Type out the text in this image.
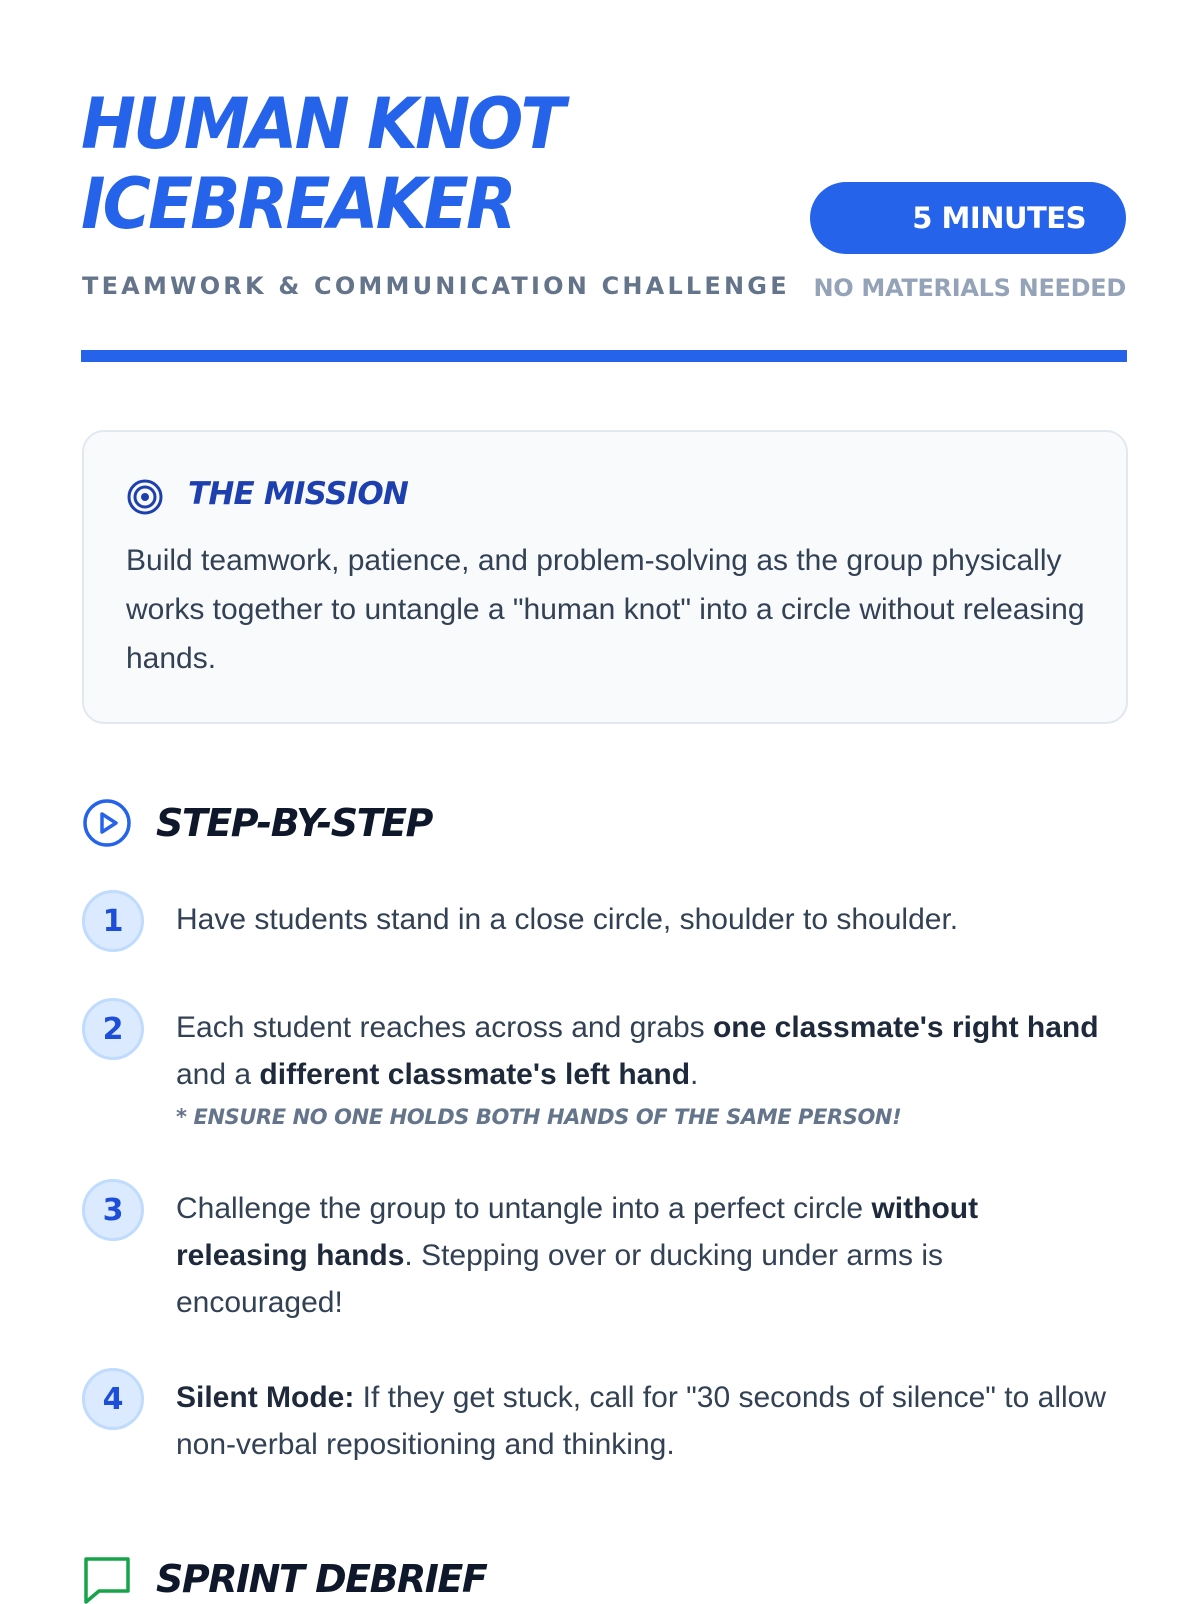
HUMAN KNOT
ICEBREAKER	5 MINUTES
TEAMWORK & COMMUNICATION CHALLENGE NO MATERIALS NEEDED
THE MISSION
Build teamwork, patience, and problem-solving as the group physically works together to untangle a "human knot" into a circle without releasing hands.
STEP-BY-STEP
1	Have students stand in a close circle, shoulder to shoulder.
2	Each student reaches across and grabs one classmate's right hand and a different classmate's left hand.
* ENSURE NO ONE HOLDS BOTH HANDS OF THE SAME PERSON!
3	Challenge the group to untangle into a perfect circle without releasing hands. Stepping over or ducking under arms is encouraged!
4	Silent Mode: If they get stuck, call for "30 seconds of silence" to allow non-verbal repositioning and thinking.
SPRINT DEBRIEF
